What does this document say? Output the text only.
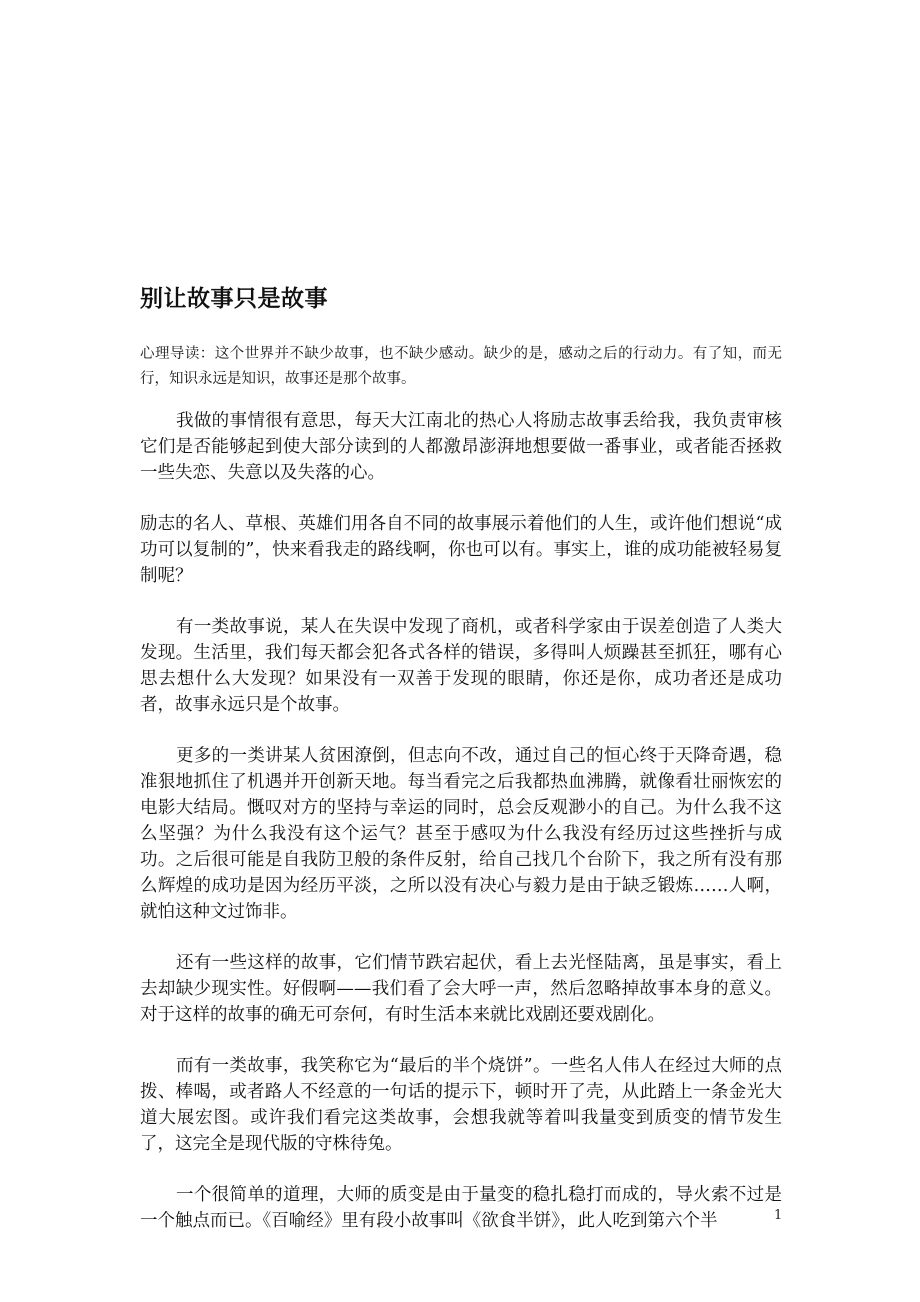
别让故事只是故事
心理导读：这个世界并不缺少故事，也不缺少感动。缺少的是，感动之后的行动力。有了知，而无行，知识永远是知识，故事还是那个故事。

我做的事情很有意思，每天大江南北的热心人将励志故事丢给我，我负责审核它们是否能够起到使大部分读到的人都激昂澎湃地想要做一番事业，或者能否拯救一些失恋、失意以及失落的心。

励志的名人、草根、英雄们用各自不同的故事展示着他们的人生，或许他们想说“成功可以复制的”，快来看我走的路线啊，你也可以有。事实上，谁的成功能被轻易复制呢？

有一类故事说，某人在失误中发现了商机，或者科学家由于误差创造了人类大发现。生活里，我们每天都会犯各式各样的错误，多得叫人烦躁甚至抓狂，哪有心思去想什么大发现？如果没有一双善于发现的眼睛，你还是你，成功者还是成功者，故事永远只是个故事。

更多的一类讲某人贫困潦倒，但志向不改，通过自己的恒心终于天降奇遇，稳准狠地抓住了机遇并开创新天地。每当看完之后我都热血沸腾，就像看壮丽恢宏的电影大结局。慨叹对方的坚持与幸运的同时，总会反观渺小的自己。为什么我不这么坚强？为什么我没有这个运气？甚至于感叹为什么我没有经历过这些挫折与成功。之后很可能是自我防卫般的条件反射，给自己找几个台阶下，我之所有没有那么辉煌的成功是因为经历平淡，之所以没有决心与毅力是由于缺乏锻炼……人啊，就怕这种文过饰非。

还有一些这样的故事，它们情节跌宕起伏，看上去光怪陆离，虽是事实，看上去却缺少现实性。好假啊——我们看了会大呼一声，然后忽略掉故事本身的意义。对于这样的故事的确无可奈何，有时生活本来就比戏剧还要戏剧化。

而有一类故事，我笑称它为“最后的半个烧饼”。一些名人伟人在经过大师的点拨、棒喝，或者路人不经意的一句话的提示下，顿时开了壳，从此踏上一条金光大道大展宏图。或许我们看完这类故事，会想我就等着叫我量变到质变的情节发生了，这完全是现代版的守株待兔。

一个很简单的道理，大师的质变是由于量变的稳扎稳打而成的，导火索不过是一个触点而已。《百喻经》里有段小故事叫《欲食半饼》，此人吃到第六个半	1
